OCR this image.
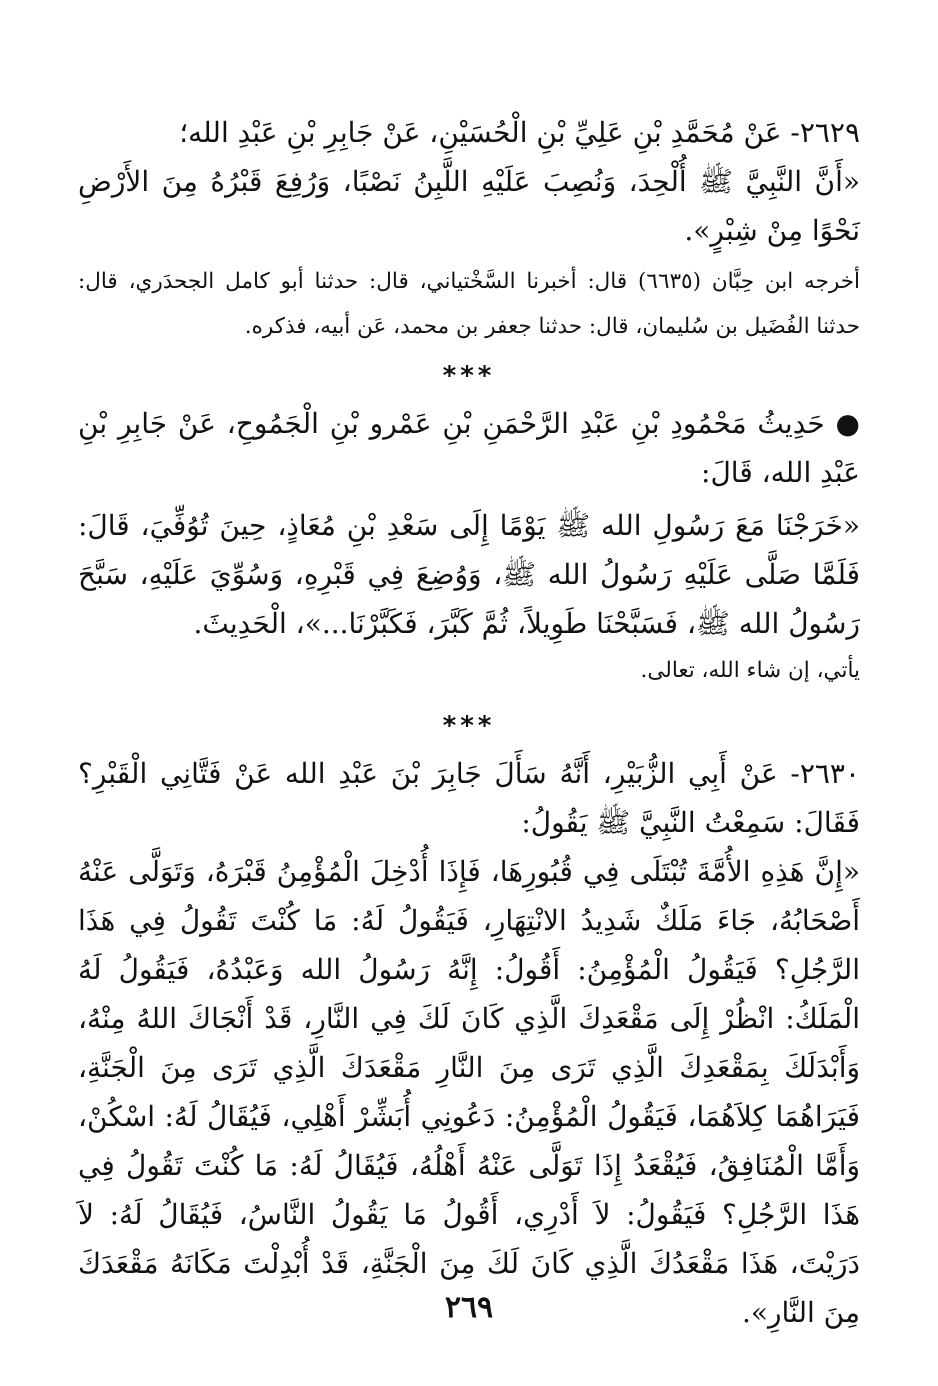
٢٦٢٩- عَنْ مُحَمَّدِ بْنِ عَلِيِّ بْنِ الْحُسَيْنِ، عَنْ جَابِرِ بْنِ عَبْدِ الله؛

«أَنَّ النَّبِيَّ ﷺ أُلْحِدَ، وَنُصِبَ عَلَيْهِ اللَّبِنُ نَصْبًا، وَرُفِعَ قَبْرُهُ مِنَ الأَرْضِ نَحْوًا مِنْ شِبْرٍ».

أخرجه ابن حِبَّان (٦٦٣٥) قال: أخبرنا السَّخْتياني، قال: حدثنا أبو كامل الجحدَري، قال: حدثنا الفُضَيل بن سُليمان، قال: حدثنا جعفر بن محمد، عَن أبيه، فذكره.

***

● حَدِيثُ مَحْمُودِ بْنِ عَبْدِ الرَّحْمَنِ بْنِ عَمْرو بْنِ الْجَمُوحِ، عَنْ جَابِرِ بْنِ عَبْدِ الله، قَالَ:

«خَرَجْنَا مَعَ رَسُولِ الله ﷺ يَوْمًا إِلَى سَعْدِ بْنِ مُعَاذٍ، حِينَ تُوُفِّيَ، قَالَ: فَلَمَّا صَلَّى عَلَيْهِ رَسُولُ الله ﷺ، وَوُضِعَ فِي قَبْرِهِ، وَسُوِّيَ عَلَيْهِ، سَبَّحَ رَسُولُ الله ﷺ، فَسَبَّحْنَا طَوِيلاً، ثُمَّ كَبَّرَ، فَكَبَّرْنَا...»، الْحَدِيثَ.

يأتي، إن شاء الله، تعالى.

***

٢٦٣٠- عَنْ أَبِي الزُّبَيْرِ، أَنَّهُ سَأَلَ جَابِرَ بْنَ عَبْدِ الله عَنْ فَتَّانِي الْقَبْرِ؟ فَقَالَ: سَمِعْتُ النَّبِيَّ ﷺ يَقُولُ:

«إِنَّ هَذِهِ الأُمَّةَ تُبْتَلَى فِي قُبُورِهَا، فَإِذَا أُدْخِلَ الْمُؤْمِنُ قَبْرَهُ، وَتَوَلَّى عَنْهُ أَصْحَابُهُ، جَاءَ مَلَكٌ شَدِيدُ الانْتِهَارِ، فَيَقُولُ لَهُ: مَا كُنْتَ تَقُولُ فِي هَذَا الرَّجُلِ؟ فَيَقُولُ الْمُؤْمِنُ: أَقُولُ: إِنَّهُ رَسُولُ الله وَعَبْدُهُ، فَيَقُولُ لَهُ الْمَلَكُ: انْظُرْ إِلَى مَقْعَدِكَ الَّذِي كَانَ لَكَ فِي النَّارِ، قَدْ أَنْجَاكَ اللهُ مِنْهُ، وَأَبْدَلَكَ بِمَقْعَدِكَ الَّذِي تَرَى مِنَ النَّارِ مَقْعَدَكَ الَّذِي تَرَى مِنَ الْجَنَّةِ، فَيَرَاهُمَا كِلاَهُمَا، فَيَقُولُ الْمُؤْمِنُ: دَعُونِي أُبَشِّرْ أَهْلِي، فَيُقَالُ لَهُ: اسْكُنْ، وَأَمَّا الْمُنَافِقُ، فَيُقْعَدُ إِذَا تَوَلَّى عَنْهُ أَهْلُهُ، فَيُقَالُ لَهُ: مَا كُنْتَ تَقُولُ فِي هَذَا الرَّجُلِ؟ فَيَقُولُ: لاَ أَدْرِي، أَقُولُ مَا يَقُولُ النَّاسُ، فَيُقَالُ لَهُ: لاَ دَرَيْتَ، هَذَا مَقْعَدُكَ الَّذِي كَانَ لَكَ مِنَ الْجَنَّةِ، قَدْ أُبْدِلْتَ مَكَانَهُ مَقْعَدَكَ مِنَ النَّارِ».

٢٦٩
